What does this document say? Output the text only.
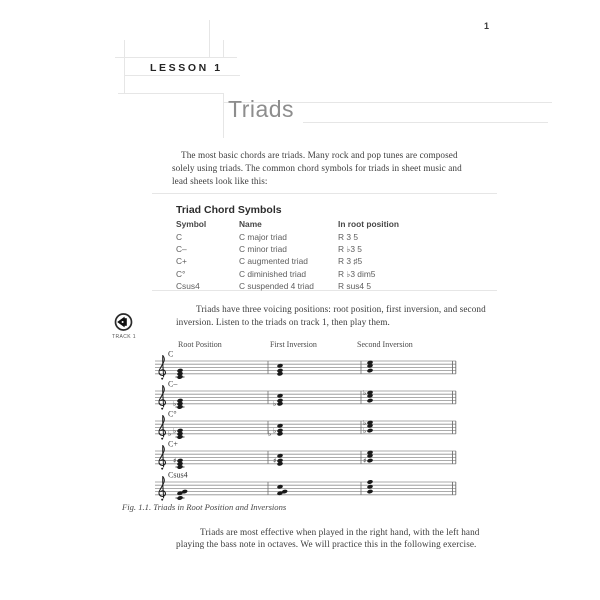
1
LESSON 1
Triads
The most basic chords are triads. Many rock and pop tunes are composed
solely using triads. The common chord symbols for triads in sheet music and
lead sheets look like this:
Triad Chord Symbols
Symbol	Name	In root position
C	C major triad	R 3 5
C–	C minor triad	R ♭3 5
C+	C augmented triad	R 3 ♯5
C°	C diminished triad	R ♭3 dim5
Csus4	C suspended 4 triad	R sus4 5
Triads have three voicing positions: root position, first inversion, and second
inversion. Listen to the triads on track 1, then play them.
TRACK 1
Root Position	First Inversion	Second Inversion
C
C–
♭	♭
♭
C°
♭
♭	♭
♭
♭
♭
C+
♯	♯	♯
Csus4
Fig. 1.1. Triads in Root Position and Inversions
Triads are most effective when played in the right hand, with the left hand
playing the bass note in octaves. We will practice this in the following exercise.
